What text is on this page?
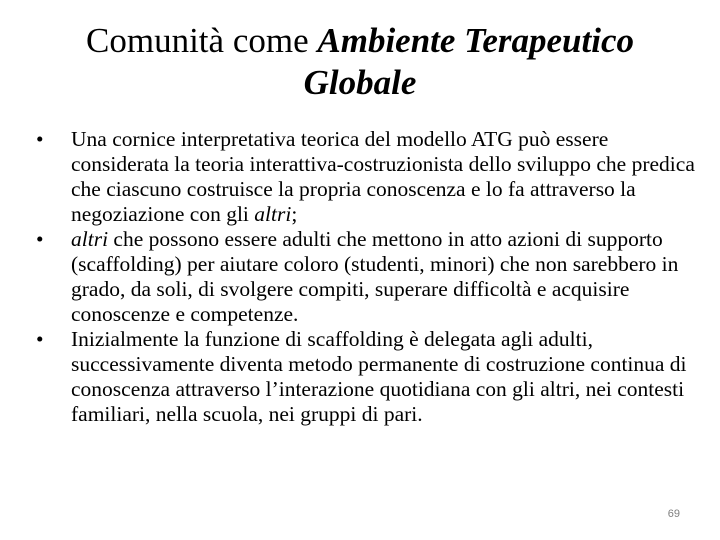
Comunità come Ambiente Terapeutico
Globale
• Una cornice interpretativa teorica del modello ATG può essere considerata la teoria interattiva-costruzionista dello sviluppo che predica che ciascuno costruisce la propria conoscenza e lo fa attraverso la negoziazione con gli altri;
• altri che possono essere adulti che mettono in atto azioni di supporto (scaffolding) per aiutare coloro (studenti, minori) che non sarebbero in grado, da soli, di svolgere compiti, superare difficoltà e acquisire conoscenze e competenze.
• Inizialmente la funzione di scaffolding è delegata agli adulti, successivamente diventa metodo permanente di costruzione continua di conoscenza attraverso l’interazione quotidiana con gli altri, nei contesti familiari, nella scuola, nei gruppi di pari.
69
